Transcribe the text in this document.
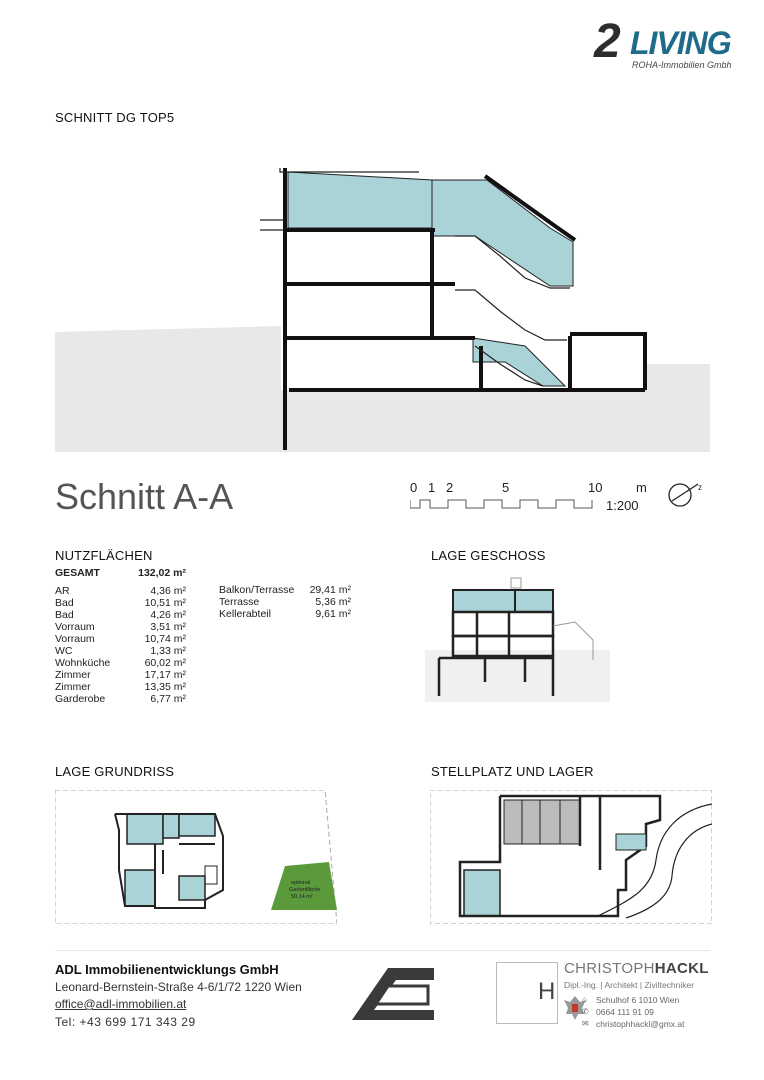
2 LIVING
ROHA-Immobilien Gmbh
SCHNITT DG TOP5
Schnitt A-A	0 1 2	5	10	m
1:200
z
NUTZFLÄCHEN
GESAMT	132,02 m²

AR	4,36 m²
Bad	10,51 m²
Bad	4,26 m²
Vorraum	3,51 m²
Vorraum	10,74 m²
WC	1,33 m²
Wohnküche	60,02 m²
Zimmer	17,17 m²
Zimmer	13,35 m²
Garderobe	6,77 m²
Balkon/Terrasse	29,41 m²
Terrasse	5,36 m²
Kellerabteil	9,61 m²
LAGE GESCHOSS
LAGE GRUNDRISS
optional
Gartenfläche
50,14 m²
STELLPLATZ UND LAGER
ADL Immobilienentwicklungs GmbH
Leonard-Bernstein-Straße 4-6/1/72 1220 Wien
office@adl-immobilien.at
Tel: +43 699 171 343 29
H
CHRISTOPHHACKL
Dipl.-Ing. | Architekt | Ziviltechniker
⌂ Schulhof 6 1010 Wien
✆ 0664 111 91 09
✉ christophhackl@gmx.at
